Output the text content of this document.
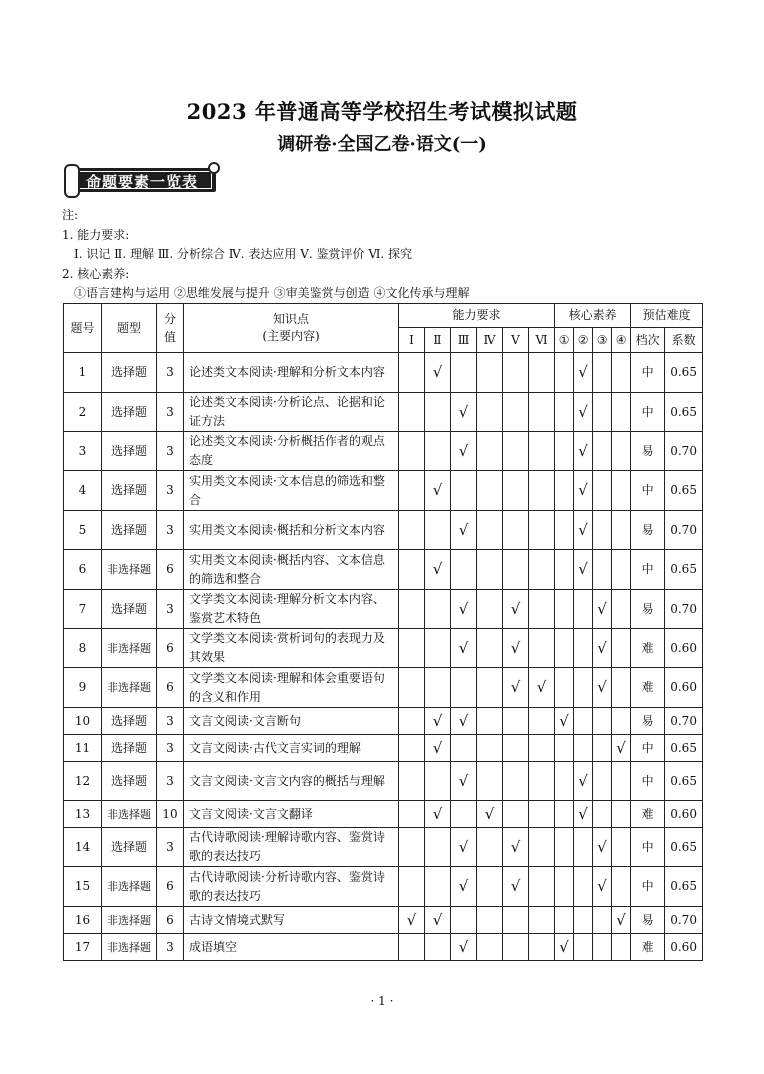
2023 年普通高等学校招生考试模拟试题
调研卷·全国乙卷·语文(一)
命题要素一览表
注:
1. 能力要求:
Ⅰ. 识记 Ⅱ. 理解 Ⅲ. 分析综合 Ⅳ. 表达应用 Ⅴ. 鉴赏评价 Ⅵ. 探究
2. 核心素养:
①语言建构与运用 ②思维发展与提升 ③审美鉴赏与创造 ④文化传承与理解
题号	题型	分值	知识点
(主要内容)	能力要求						核心素养				预估难度	
				Ⅰ	Ⅱ	Ⅲ	Ⅳ	Ⅴ	Ⅵ	①	②	③	④	档次	系数
1	选择题	3	论述类文本阅读·理解和分析文本内容		√						√			中	0.65
2	选择题	3	论述类文本阅读·分析论点、论据和论证方法			√					√			中	0.65
3	选择题	3	论述类文本阅读·分析概括作者的观点态度			√					√			易	0.70
4	选择题	3	实用类文本阅读·文本信息的筛选和整合		√						√			中	0.65
5	选择题	3	实用类文本阅读·概括和分析文本内容			√					√			易	0.70
6	非选择题	6	实用类文本阅读·概括内容、文本信息的筛选和整合		√						√			中	0.65
7	选择题	3	文学类文本阅读·理解分析文本内容、鉴赏艺术特色			√		√				√		易	0.70
8	非选择题	6	文学类文本阅读·赏析词句的表现力及其效果			√		√				√		难	0.60
9	非选择题	6	文学类文本阅读·理解和体会重要语句的含义和作用					√	√			√		难	0.60
10	选择题	3	文言文阅读·文言断句		√	√				√				易	0.70
11	选择题	3	文言文阅读·古代文言实词的理解		√								√	中	0.65
12	选择题	3	文言文阅读·文言文内容的概括与理解			√					√			中	0.65
13	非选择题	10	文言文阅读·文言文翻译		√		√				√			难	0.60
14	选择题	3	古代诗歌阅读·理解诗歌内容、鉴赏诗歌的表达技巧			√		√				√		中	0.65
15	非选择题	6	古代诗歌阅读·分析诗歌内容、鉴赏诗歌的表达技巧			√		√				√		中	0.65
16	非选择题	6	古诗文情境式默写	√	√								√	易	0.70
17	非选择题	3	成语填空			√				√				难	0.60
· 1 ·
